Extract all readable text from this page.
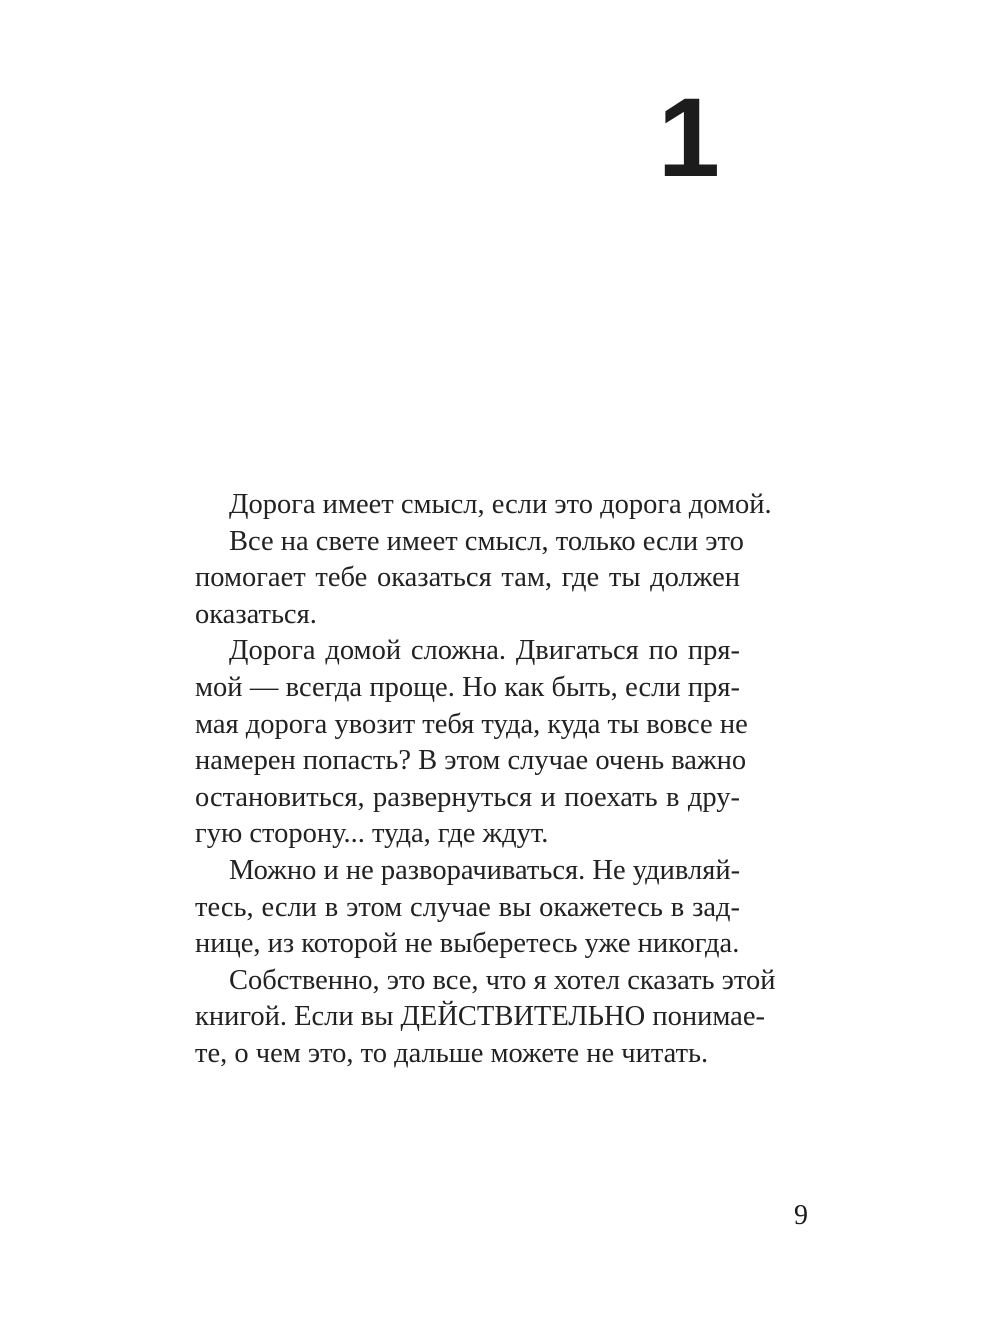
1
Дорога имеет смысл, если это дорога домой.
Все на свете имеет смысл, только если это
помогает тебе оказаться там, где ты должен
оказаться.
Дорога домой сложна. Двигаться по пря-
мой — всегда проще. Но как быть, если пря-
мая дорога увозит тебя туда, куда ты вовсе не
намерен попасть? В этом случае очень важно
остановиться, развернуться и поехать в дру-
гую сторону... туда, где ждут.
Можно и не разворачиваться. Не удивляй-
тесь, если в этом случае вы окажетесь в зад-
нице, из которой не выберетесь уже никогда.
Собственно, это все, что я хотел сказать этой
книгой. Если вы ДЕЙСТВИТЕЛЬНО понимае-
те, о чем это, то дальше можете не читать.
9
